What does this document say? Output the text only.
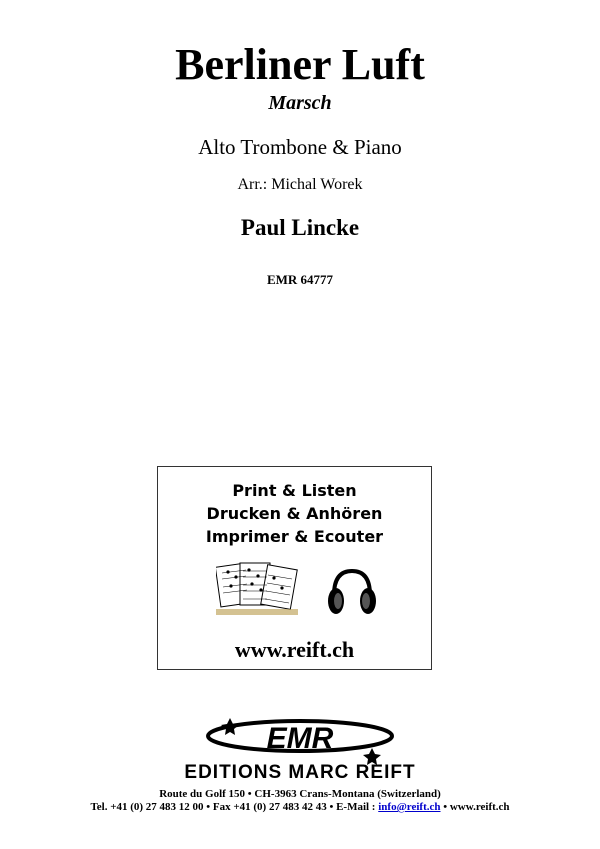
Berliner Luft
Marsch
Alto Trombone & Piano
Arr.: Michal Worek
Paul Lincke
EMR 64777
Print & Listen
Drucken & Anhören
Imprimer & Ecouter
www.reift.ch
EMR
EDITIONS MARC REIFT
Route du Golf 150 • CH-3963 Crans-Montana (Switzerland)
Tel. +41 (0) 27 483 12 00 • Fax +41 (0) 27 483 42 43 • E-Mail : info@reift.ch • www.reift.ch
